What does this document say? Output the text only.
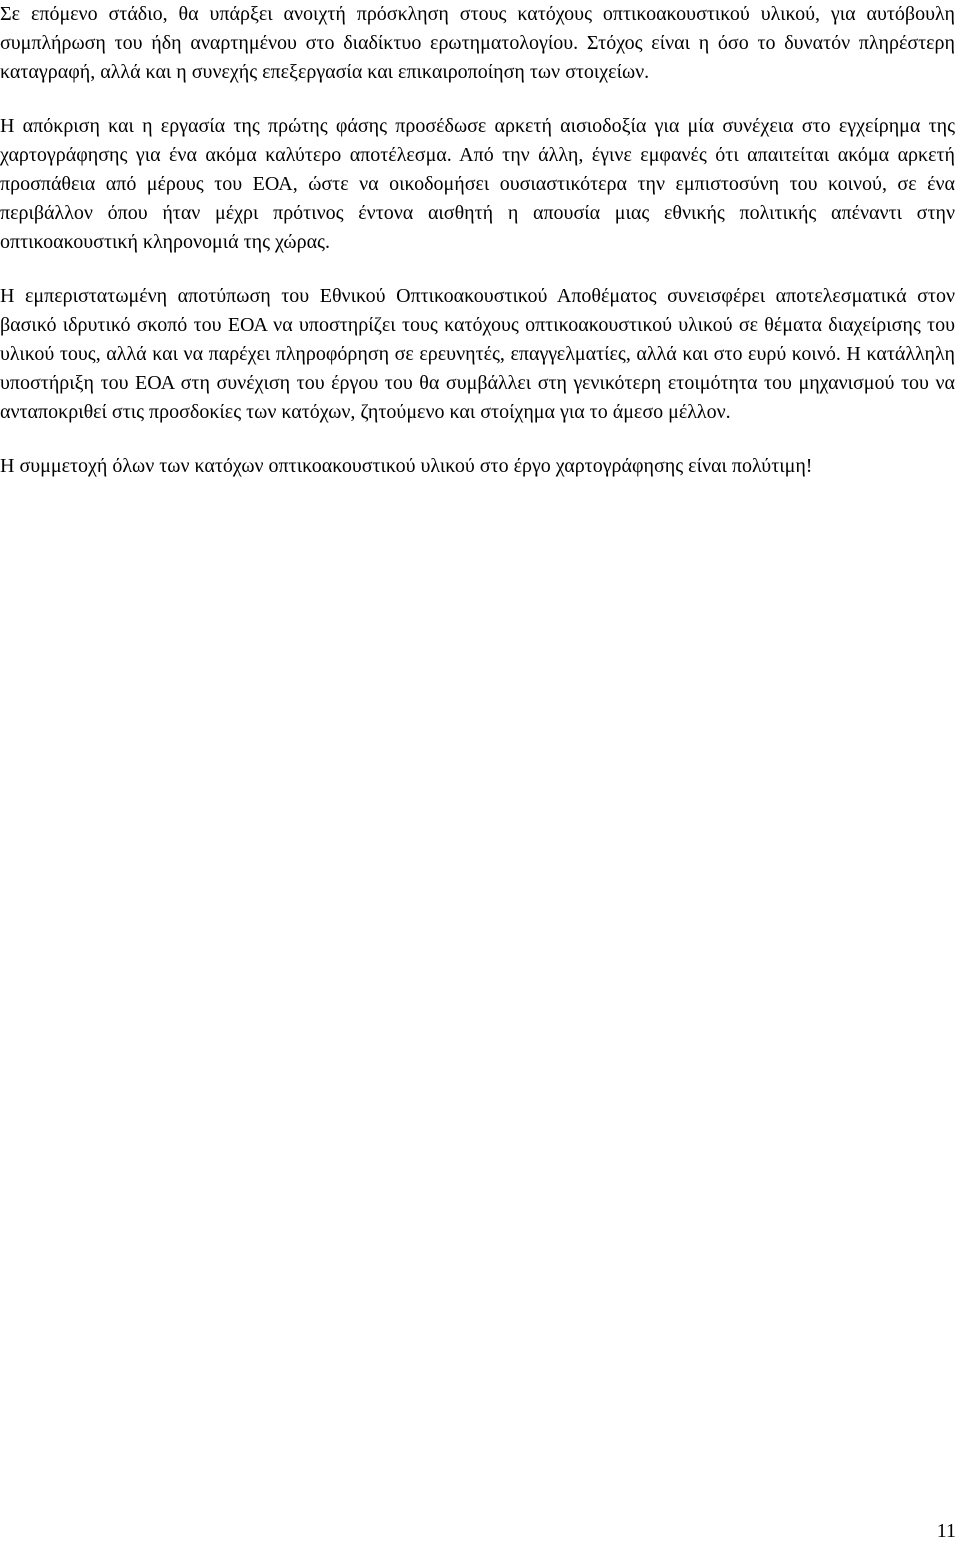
Σε επόμενο στάδιο, θα υπάρξει ανοιχτή πρόσκληση στους κατόχους οπτικοακουστικού υλικού, για αυτόβουλη συμπλήρωση του ήδη αναρτημένου στο διαδίκτυο ερωτηματολογίου. Στόχος είναι η όσο το δυνατόν πληρέστερη καταγραφή, αλλά και η συνεχής επεξεργασία και επικαιροποίηση των στοιχείων.

Η απόκριση και η εργασία της πρώτης φάσης προσέδωσε αρκετή αισιοδοξία για μία συνέχεια στο εγχείρημα της χαρτογράφησης για ένα ακόμα καλύτερο αποτέλεσμα. Από την άλλη, έγινε εμφανές ότι απαιτείται ακόμα αρκετή προσπάθεια από μέρους του ΕΟΑ, ώστε να οικοδομήσει ουσιαστικότερα την εμπιστοσύνη του κοινού, σε ένα περιβάλλον όπου ήταν μέχρι πρότινος έντονα αισθητή η απουσία μιας εθνικής πολιτικής απέναντι στην οπτικοακουστική κληρονομιά της χώρας.

Η εμπεριστατωμένη αποτύπωση του Εθνικού Οπτικοακουστικού Αποθέματος συνεισφέρει αποτελεσματικά στον βασικό ιδρυτικό σκοπό του ΕΟΑ να υποστηρίζει τους κατόχους οπτικοακουστικού υλικού σε θέματα διαχείρισης του υλικού τους, αλλά και να παρέχει πληροφόρηση σε ερευνητές, επαγγελματίες, αλλά και στο ευρύ κοινό. Η κατάλληλη υποστήριξη του ΕΟΑ στη συνέχιση του έργου του θα συμβάλλει στη γενικότερη ετοιμότητα του μηχανισμού του να ανταποκριθεί στις προσδοκίες των κατόχων, ζητούμενο και στοίχημα για το άμεσο μέλλον.

Η συμμετοχή όλων των κατόχων οπτικοακουστικού υλικού στο έργο χαρτογράφησης είναι πολύτιμη!

11
